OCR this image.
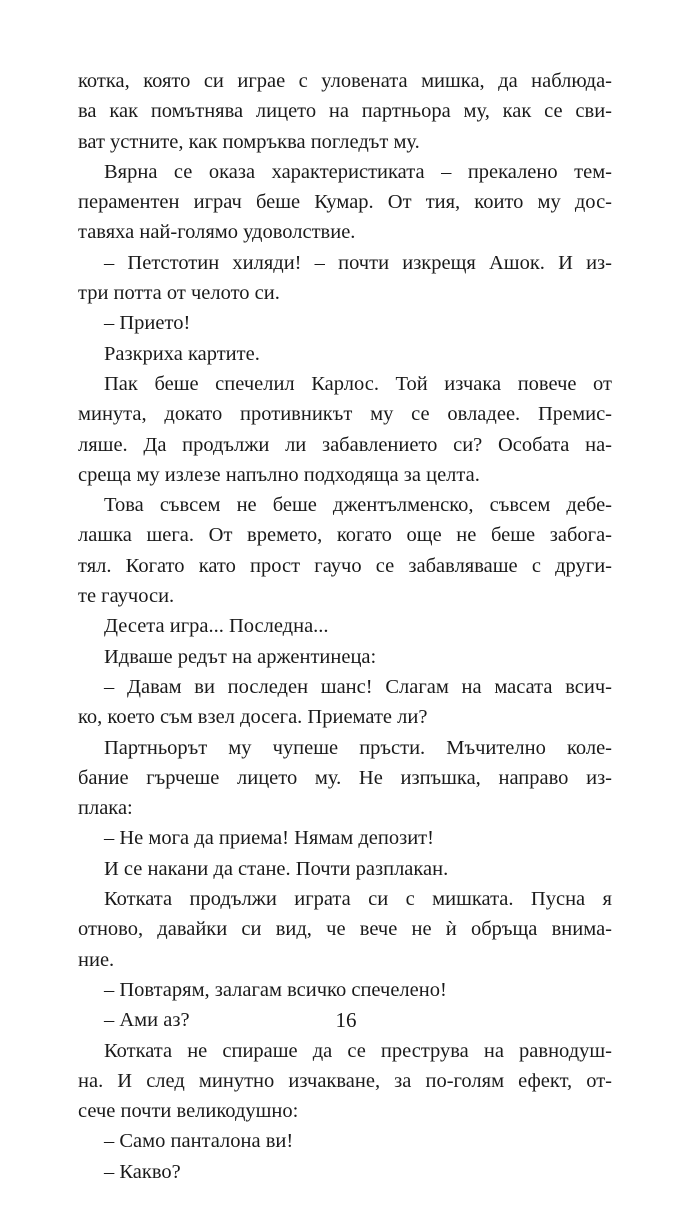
котка, която си играе с уловената мишка, да наблюда-
ва как помътнява лицето на партньора му, как се сви-
ват устните, как помръква погледът му.
Вярна се оказа характеристиката – прекалено тем-
пераментен играч беше Кумар. От тия, които му дос-
тавяха най-голямо удоволствие.
– Петстотин хиляди! – почти изкрещя Ашок. И из-
три потта от челото си.
– Прието!
Разкриха картите.
Пак беше спечелил Карлос. Той изчака повече от
минута, докато противникът му се овладее. Премис-
ляше. Да продължи ли забавлението си? Особата на-
среща му излезе напълно подходяща за целта.
Това съвсем не беше джентълменско, съвсем дебе-
лашка шега. От времето, когато още не беше забога-
тял. Когато като прост гаучо се забавляваше с други-
те гаучоси.
Десета игра... Последна...
Идваше редът на аржентинеца:
– Давам ви последен шанс! Слагам на масата всич-
ко, което съм взел досега. Приемате ли?
Партньорът му чупеше пръсти. Мъчително коле-
бание гърчеше лицето му. Не изпъшка, направо из-
плака:
– Не мога да приема! Нямам депозит!
И се накани да стане. Почти разплакан.
Котката продължи играта си с мишката. Пусна я
отново, давайки си вид, че вече не ѝ обръща внима-
ние.
– Повтарям, залагам всичко спечелено!
– Ами аз?
Котката не спираше да се преструва на равнодуш-
на. И след минутно изчакване, за по-голям ефект, от-
сече почти великодушно:
– Само панталона ви!
– Какво?
16
